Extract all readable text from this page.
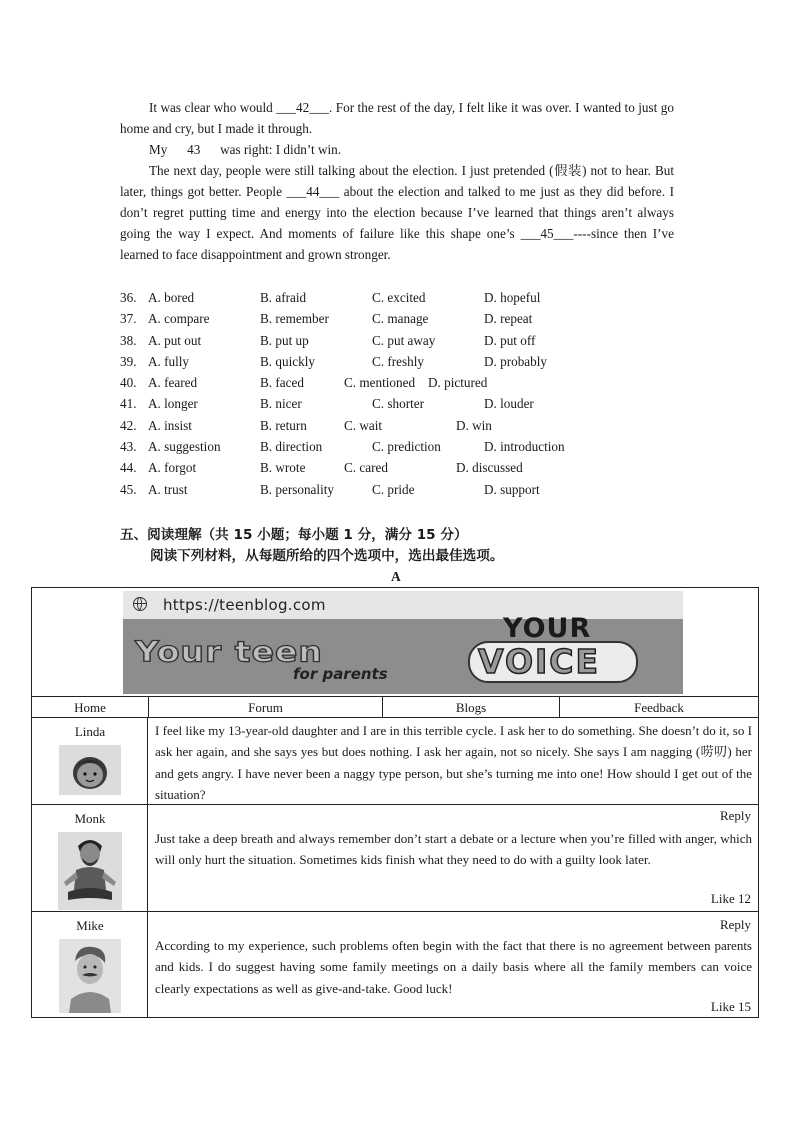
It was clear who would ___42___. For the rest of the day, I felt like it was over. I wanted to just go home and cry, but I made it through.

My      43      was right: I didn’t win.

The next day, people were still talking about the election. I just pretended (假装) not to hear. But later, things got better. People ___44___ about the election and talked to me just as they did before. I don’t regret putting time and energy into the election because I’ve learned that things aren’t always going the way I expect. And moments of failure like this shape one’s ___45___----since then I’ve learned to face disappointment and grown stronger.

36. A. bored	B. afraid	C. excited	D. hopeful
37. A. compare	B. remember	C. manage	D. repeat
38. A. put out	B. put up	C. put away	D. put off
39. A. fully	B. quickly	C. freshly	D. probably
40. A. feared	B. faced	C. mentioned D. pictured
41. A. longer	B. nicer	C. shorter	D. louder
42. A. insist	B. return	C. wait	D. win
43. A. suggestion	B. direction	C. prediction	D. introduction
44. A. forgot	B. wrote	C. cared	D. discussed
45. A. trust	B. personality	C. pride	D. support
五、阅读理解（共 15 小题；每小题 1 分，满分 15 分）
阅读下列材料，从每题所给的四个选项中，选出最佳选项。
A
https://teenblog.com
Your teen
for parents
YOUR
VOICE
Home	Forum	Blogs	Feedback
Linda	I feel like my 13-year-old daughter and I are in this terrible cycle. I ask her to do something. She doesn’t do it, so I ask her again, and she says yes but does nothing. I ask her again, not so nicely. She says I am nagging (唠叨) her and gets angry. I have never been a naggy type person, but she’s turning me into one! How should I get out of the situation?
Monk	Reply
Just take a deep breath and always remember don’t start a debate or a lecture when you’re filled with anger, which will only hurt the situation. Sometimes kids finish what they need to do with a guilty look later.
Like 12
Mike	Reply
According to my experience, such problems often begin with the fact that there is no agreement between parents and kids. I do suggest having some family meetings on a daily basis where all the family members can voice clearly expectations as well as give-and-take. Good luck!
Like 15
